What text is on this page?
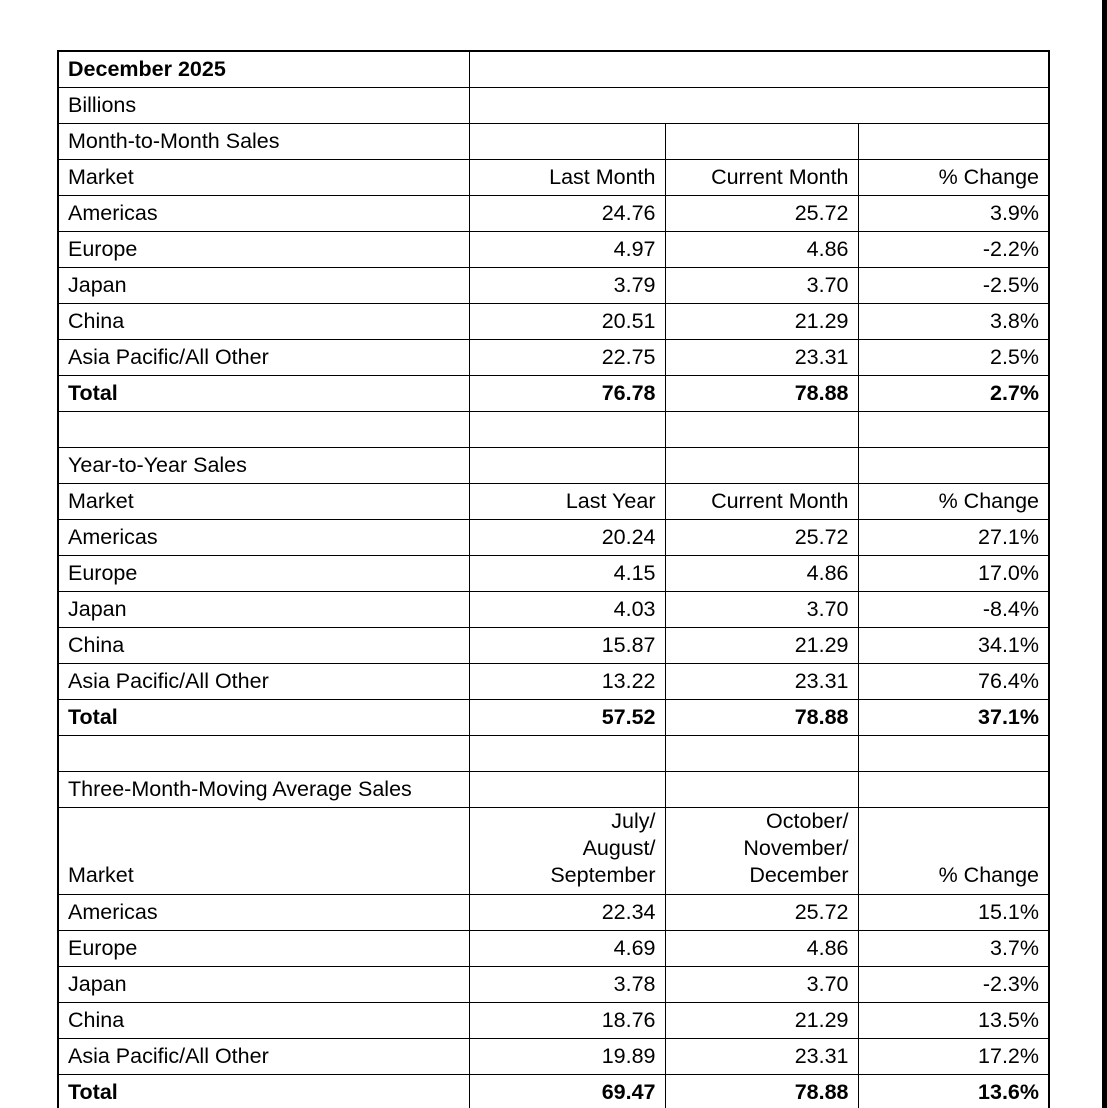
December 2025			
Billions			
Month-to-Month Sales			
Market	Last Month	Current Month	% Change
Americas	24.76	25.72	3.9%
Europe	4.97	4.86	-2.2%
Japan	3.79	3.70	-2.5%
China	20.51	21.29	3.8%
Asia Pacific/All Other	22.75	23.31	2.5%
Total	76.78	78.88	2.7%

Year-to-Year Sales			
Market	Last Year	Current Month	% Change
Americas	20.24	25.72	27.1%
Europe	4.15	4.86	17.0%
Japan	4.03	3.70	-8.4%
China	15.87	21.29	34.1%
Asia Pacific/All Other	13.22	23.31	76.4%
Total	57.52	78.88	37.1%

Three-Month-Moving Average Sales			
Market	July/
August/
September	October/
November/
December	% Change
Americas	22.34	25.72	15.1%
Europe	4.69	4.86	3.7%
Japan	3.78	3.70	-2.3%
China	18.76	21.29	13.5%
Asia Pacific/All Other	19.89	23.31	17.2%
Total	69.47	78.88	13.6%
